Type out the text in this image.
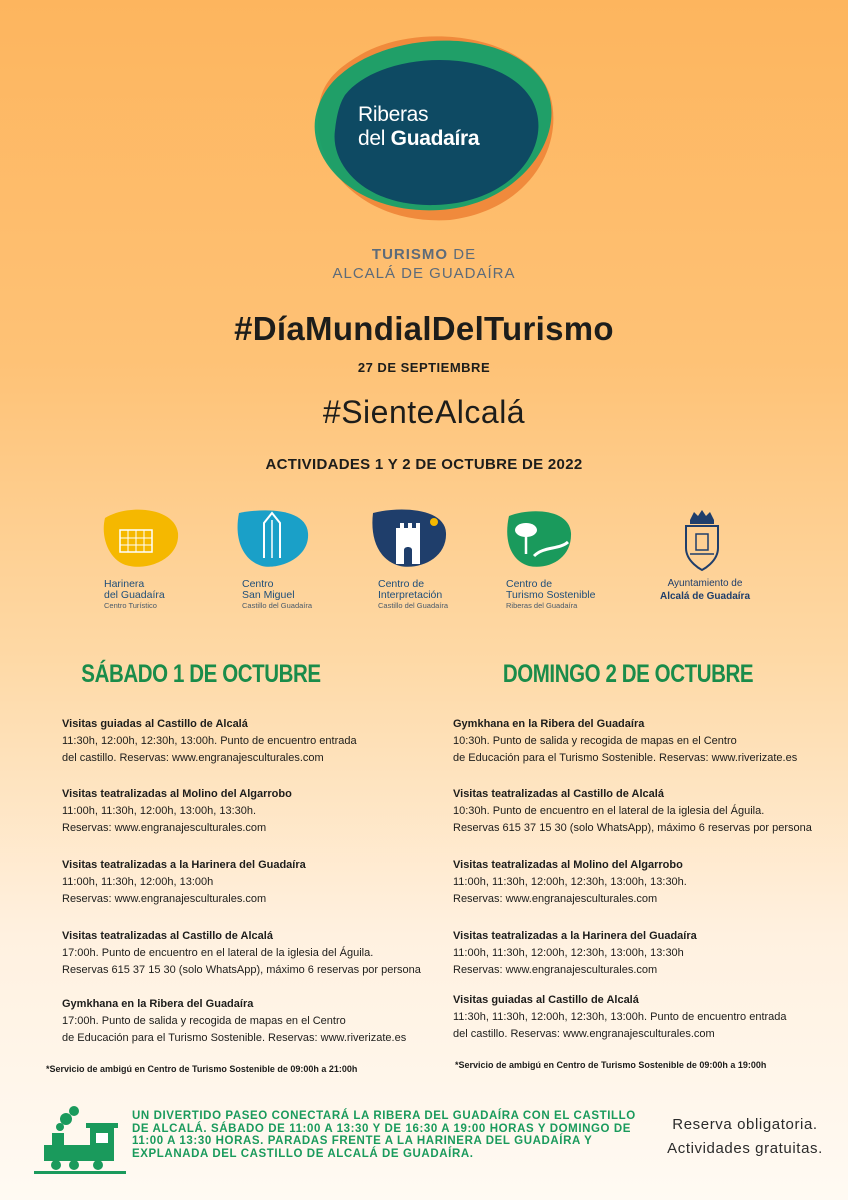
Riberas
del Guadaíra
TURISMO DE
ALCALÁ DE GUADAÍRA
#DíaMundialDelTurismo
27 DE SEPTIEMBRE
#SienteAlcalá
ACTIVIDADES 1 Y 2 DE OCTUBRE DE 2022
Harinera
del Guadaíra
Centro Turístico
Centro
San Miguel
Castillo del Guadaíra
Centro de
Interpretación
Castillo del Guadaíra
Centro de
Turismo Sostenible
Riberas del Guadaíra
Ayuntamiento de
Alcalá de Guadaíra
SÁBADO 1 DE OCTUBRE	DOMINGO 2 DE OCTUBRE
Visitas guiadas al Castillo de Alcalá
11:30h, 12:00h, 12:30h, 13:00h. Punto de encuentro entrada
del castillo. Reservas: www.engranajesculturales.com
Visitas teatralizadas al Molino del Algarrobo
11:00h, 11:30h, 12:00h, 13:00h, 13:30h.
Reservas: www.engranajesculturales.com
Visitas teatralizadas a la Harinera del Guadaíra
11:00h, 11:30h, 12:00h, 13:00h
Reservas: www.engranajesculturales.com
Visitas teatralizadas al Castillo de Alcalá
17:00h. Punto de encuentro en el lateral de la iglesia del Águila.
Reservas 615 37 15 30 (solo WhatsApp), máximo 6 reservas por persona
Gymkhana en la Ribera del Guadaíra
17:00h. Punto de salida y recogida de mapas en el Centro
de Educación para el Turismo Sostenible. Reservas: www.riverizate.es
*Servicio de ambigú en Centro de Turismo Sostenible de 09:00h a 21:00h
Gymkhana en la Ribera del Guadaíra
10:30h. Punto de salida y recogida de mapas en el Centro
de Educación para el Turismo Sostenible. Reservas: www.riverizate.es
Visitas teatralizadas al Castillo de Alcalá
10:30h. Punto de encuentro en el lateral de la iglesia del Águila.
Reservas 615 37 15 30 (solo WhatsApp), máximo 6 reservas por persona
Visitas teatralizadas al Molino del Algarrobo
11:00h, 11:30h, 12:00h, 12:30h, 13:00h, 13:30h.
Reservas: www.engranajesculturales.com
Visitas teatralizadas a la Harinera del Guadaíra
11:00h, 11:30h, 12:00h, 12:30h, 13:00h, 13:30h
Reservas: www.engranajesculturales.com
Visitas guiadas al Castillo de Alcalá
11:30h, 11:30h, 12:00h, 12:30h, 13:00h. Punto de encuentro entrada
del castillo. Reservas: www.engranajesculturales.com
*Servicio de ambigú en Centro de Turismo Sostenible de 09:00h a 19:00h
UN DIVERTIDO PASEO CONECTARÁ LA RIBERA DEL GUADAÍRA CON EL CASTILLO DE ALCALÁ. SÁBADO DE 11:00 A 13:30 Y DE 16:30 A 19:00 HORAS Y DOMINGO DE 11:00 A 13:30 HORAS. PARADAS FRENTE A LA HARINERA DEL GUADAÍRA Y EXPLANADA DEL CASTILLO DE ALCALÁ DE GUADAÍRA.
Reserva obligatoria.
Actividades gratuitas.
